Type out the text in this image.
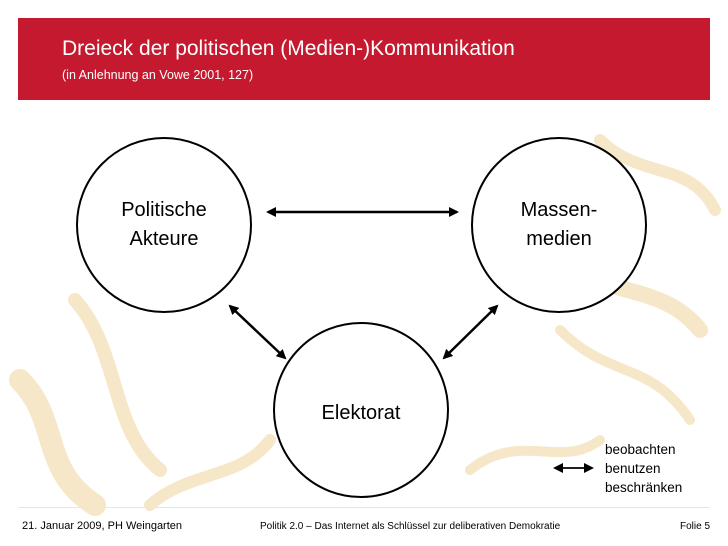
Dreieck der politischen (Medien-)Kommunikation
(in Anlehnung an Vowe 2001, 127)
Politische
Akteure
Massen-
medien
Elektorat
beobachten
benutzen
beschränken
21. Januar 2009, PH Weingarten	Politik 2.0 – Das Internet als Schlüssel zur deliberativen Demokratie	Folie 5
